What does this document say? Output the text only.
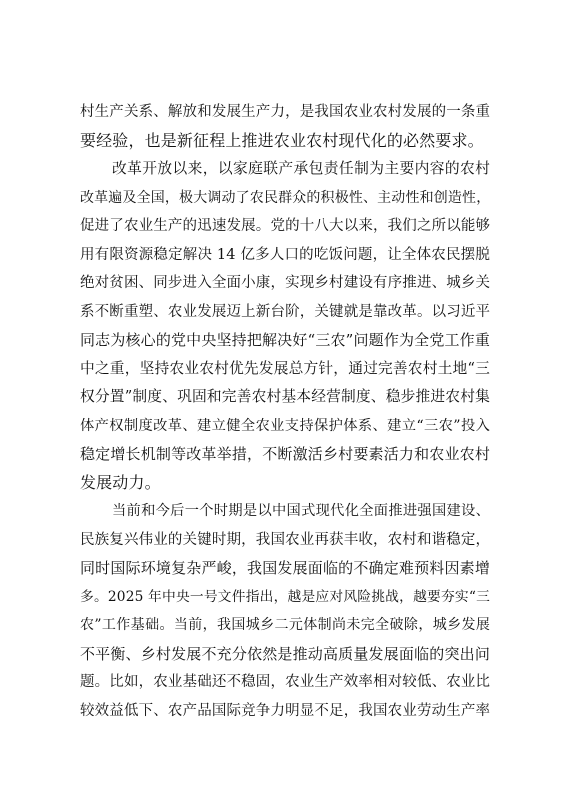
村生产关系、解放和发展生产力，是我国农业农村发展的一条重
要经验，也是新征程上推进农业农村现代化的必然要求。
改革开放以来，以家庭联产承包责任制为主要内容的农村
改革遍及全国，极大调动了农民群众的积极性、主动性和创造性，
促进了农业生产的迅速发展。党的十八大以来，我们之所以能够
用有限资源稳定解决 14 亿多人口的吃饭问题，让全体农民摆脱
绝对贫困、同步进入全面小康，实现乡村建设有序推进、城乡关
系不断重塑、农业发展迈上新台阶，关键就是靠改革。以习近平
同志为核心的党中央坚持把解决好“三农”问题作为全党工作重
中之重，坚持农业农村优先发展总方针，通过完善农村土地“三
权分置”制度、巩固和完善农村基本经营制度、稳步推进农村集
体产权制度改革、建立健全农业支持保护体系、建立“三农”投入
稳定增长机制等改革举措，不断激活乡村要素活力和农业农村
发展动力。
当前和今后一个时期是以中国式现代化全面推进强国建设、
民族复兴伟业的关键时期，我国农业再获丰收，农村和谐稳定，
同时国际环境复杂严峻，我国发展面临的不确定难预料因素增
多。2025 年中央一号文件指出，越是应对风险挑战，越要夯实“三
农”工作基础。当前，我国城乡二元体制尚未完全破除，城乡发展
不平衡、乡村发展不充分依然是推动高质量发展面临的突出问
题。比如，农业基础还不稳固，农业生产效率相对较低、农业比
较效益低下、农产品国际竞争力明显不足，我国农业劳动生产率
